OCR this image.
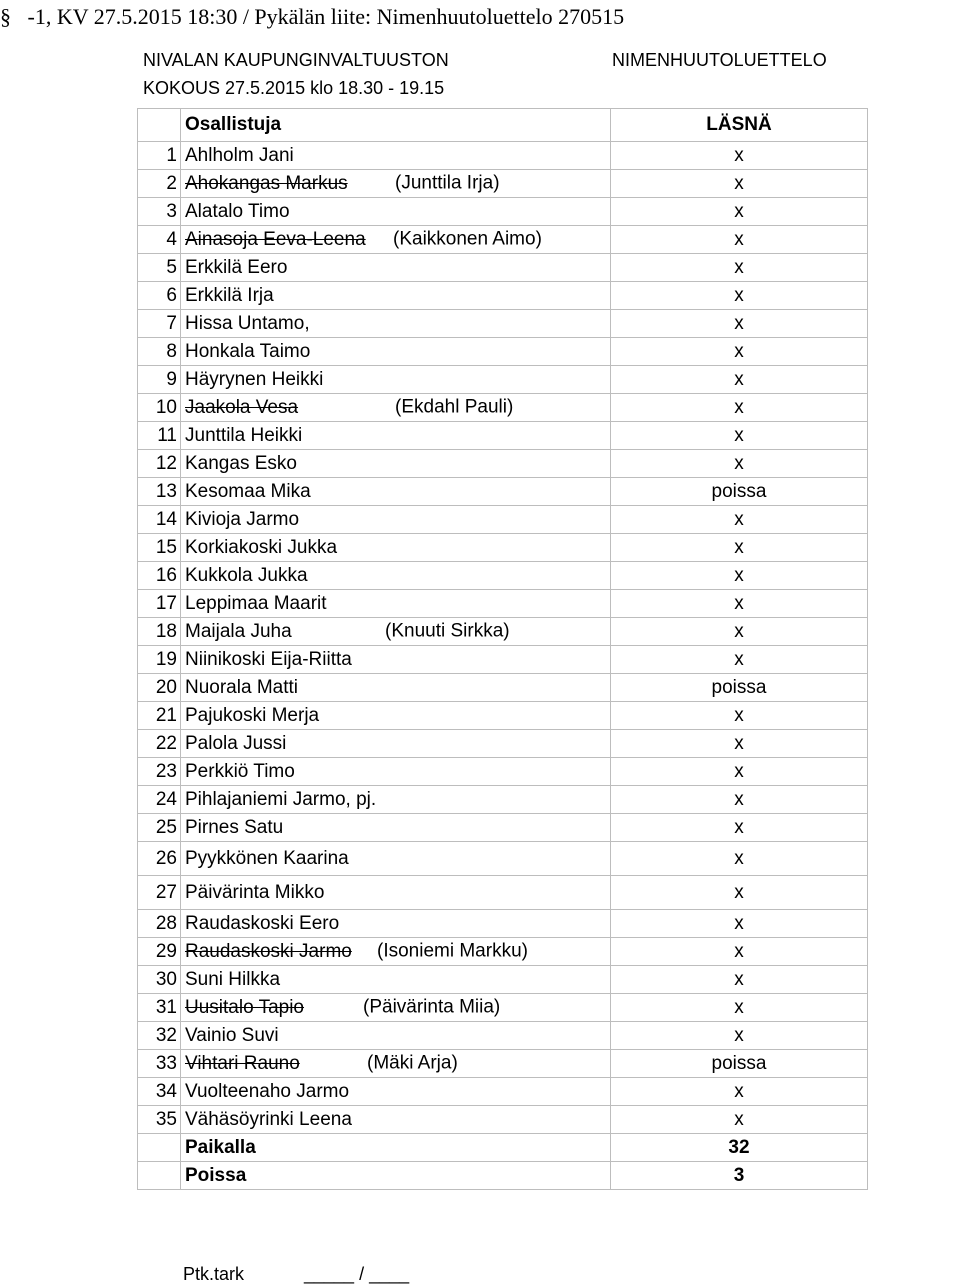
§ -1, KV 27.5.2015 18:30 / Pykälän liite: Nimenhuutoluettelo 270515
NIVALAN KAUPUNGINVALTUUSTON	NIMENHUUTOLUETTELO
KOKOUS 27.5.2015 klo 18.30 - 19.15
	Osallistuja	LÄSNÄ
1	Ahlholm Jani	x
2	Ahokangas Markus (Junttila Irja)	x
3	Alatalo Timo	x
4	Ainasoja Eeva-Leena (Kaikkonen Aimo)	x
5	Erkkilä Eero	x
6	Erkkilä Irja	x
7	Hissa Untamo,	x
8	Honkala Taimo	x
9	Häyrynen Heikki	x
10	Jaakola Vesa (Ekdahl Pauli)	x
11	Junttila Heikki	x
12	Kangas Esko	x
13	Kesomaa Mika	poissa
14	Kivioja Jarmo	x
15	Korkiakoski Jukka	x
16	Kukkola Jukka	x
17	Leppimaa Maarit	x
18	Maijala Juha (Knuuti Sirkka)	x
19	Niinikoski Eija-Riitta	x
20	Nuorala Matti	poissa
21	Pajukoski Merja	x
22	Palola Jussi	x
23	Perkkiö Timo	x
24	Pihlajaniemi Jarmo, pj.	x
25	Pirnes Satu	x
26	Pyykkönen Kaarina	x
27	Päivärinta Mikko	x
28	Raudaskoski Eero	x
29	Raudaskoski Jarmo (Isoniemi Markku)	x
30	Suni Hilkka	x
31	Uusitalo Tapio (Päivärinta Miia)	x
32	Vainio Suvi	x
33	Vihtari Rauno (Mäki Arja)	poissa
34	Vuolteenaho Jarmo	x
35	Vähäsöyrinki Leena	x
	Paikalla	32
	Poissa	3
Ptk.tark	_____ / ____
